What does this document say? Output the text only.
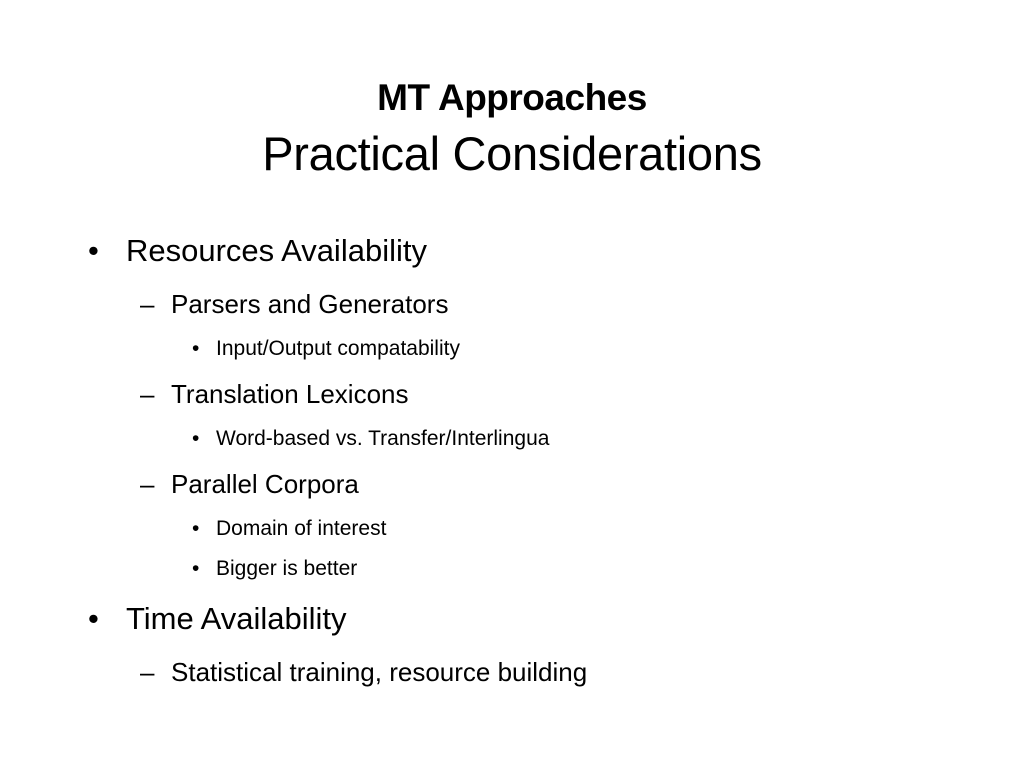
MT Approaches
Practical Considerations
• Resources Availability
– Parsers and Generators
• Input/Output compatability
– Translation Lexicons
• Word-based vs. Transfer/Interlingua
– Parallel Corpora
• Domain of interest
• Bigger is better
• Time Availability
– Statistical training, resource building
